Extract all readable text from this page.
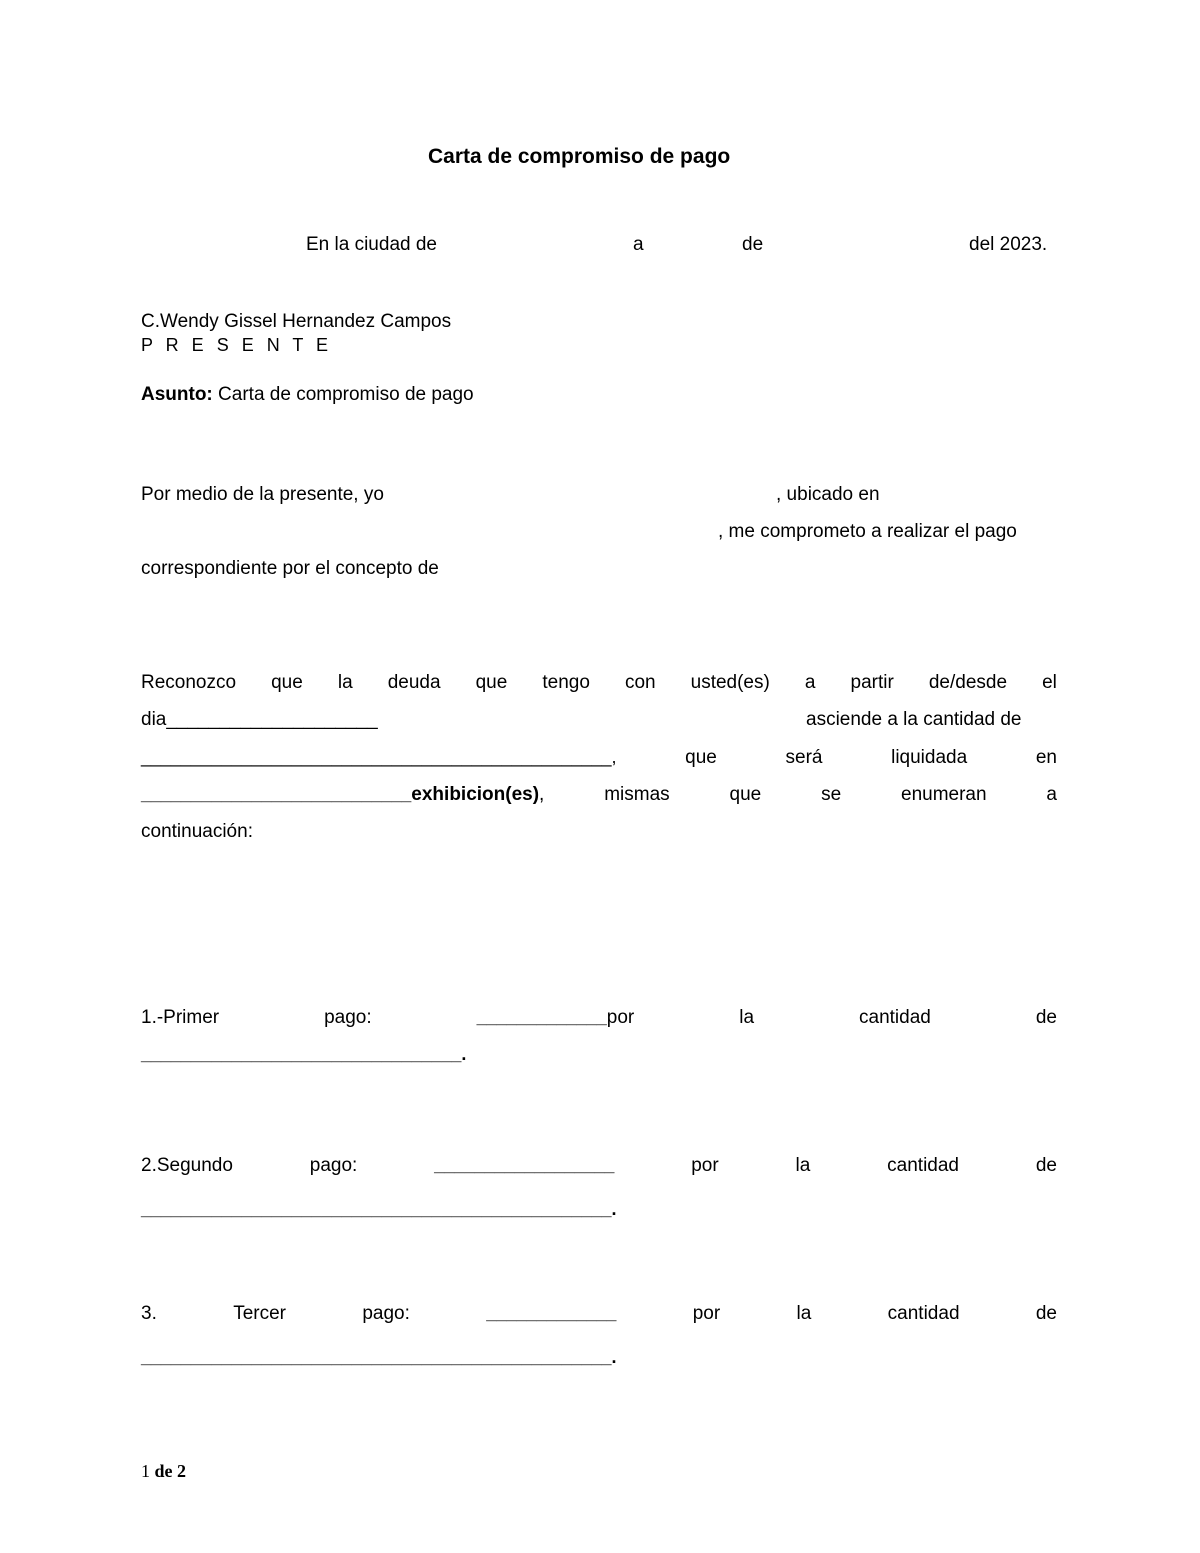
Carta de compromiso de pago
En la ciudad de	a	de	del 2023.
C.Wendy Gissel Hernandez Campos
P R E S E N T E
Asunto: Carta de compromiso de pago
Por medio de la presente, yo	, ubicado en
, me comprometo a realizar el pago
correspondiente por el concepto de
Reconozco que la deuda que tengo con usted(es) a partir de/desde el
dia____________________	asciende a la cantidad de
_______________________________________________,	que	será	liquidada	en
___________________________exhibicion(es),	mismas	que	se	enumeran	a
continuación:
1.-Primer	pago:	_____________por	la	cantidad	de
________________________________.
2.Segundo	pago:	__________________	por	la	cantidad	de
_______________________________________________.
3.	Tercer	pago:	_____________	por	la	cantidad	de
_______________________________________________.
1 de 2
